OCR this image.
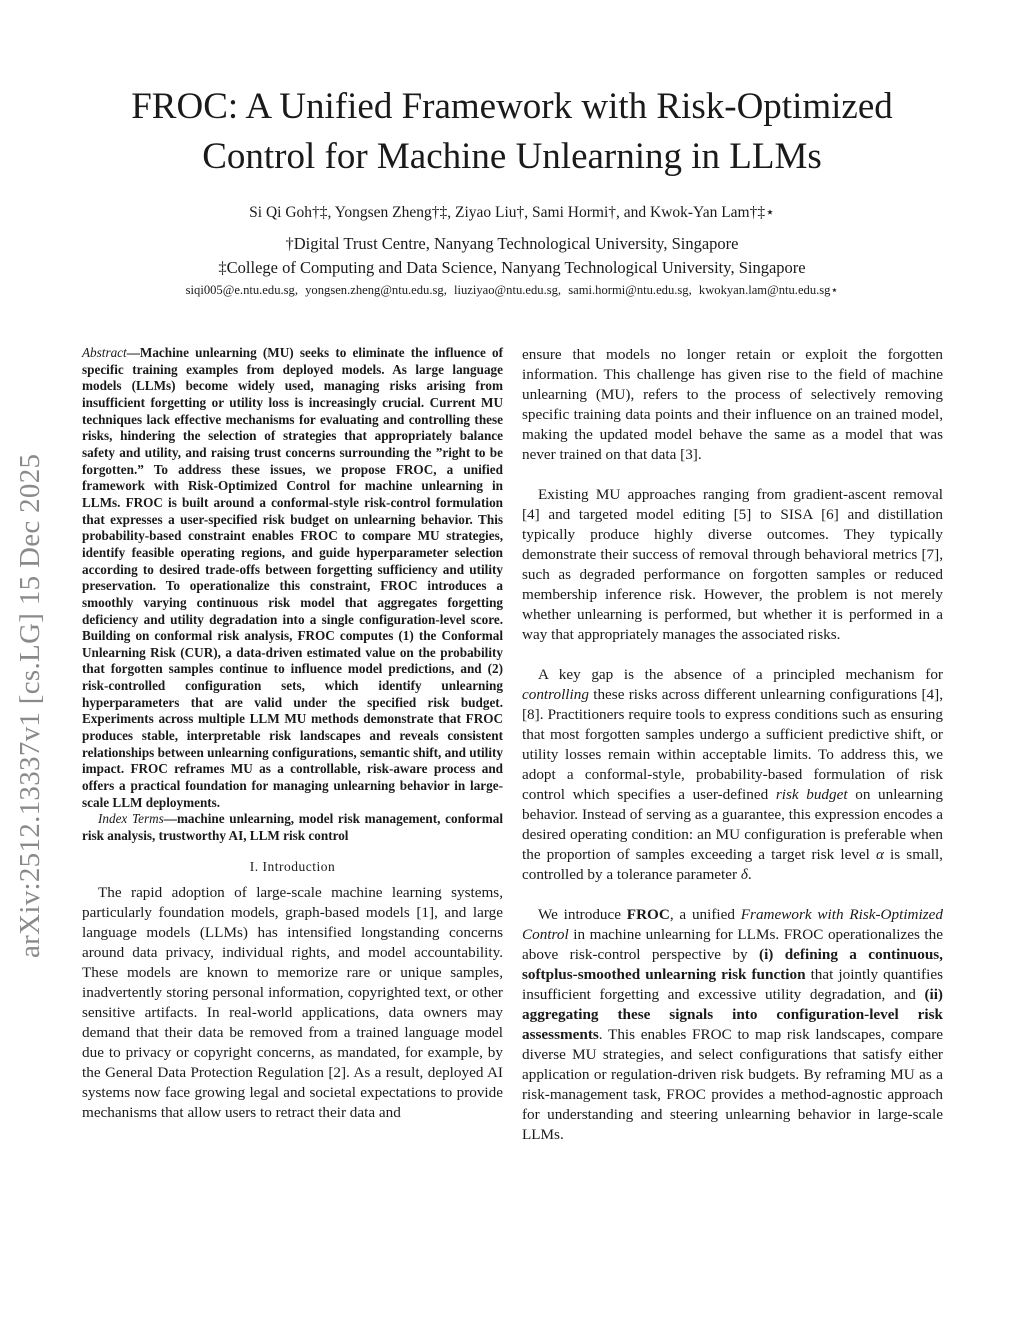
FROC: A Unified Framework with Risk-Optimized
Control for Machine Unlearning in LLMs
Si Qi Goh†‡, Yongsen Zheng†‡, Ziyao Liu†, Sami Hormi†, and Kwok-Yan Lam†‡⋆
†Digital Trust Centre, Nanyang Technological University, Singapore
‡College of Computing and Data Science, Nanyang Technological University, Singapore
siqi005@e.ntu.edu.sg, yongsen.zheng@ntu.edu.sg, liuziyao@ntu.edu.sg, sami.hormi@ntu.edu.sg, kwokyan.lam@ntu.edu.sg⋆
arXiv:2512.13337v1 [cs.LG] 15 Dec 2025
Abstract—Machine unlearning (MU) seeks to eliminate the influence of specific training examples from deployed models. As large language models (LLMs) become widely used, managing risks arising from insufficient forgetting or utility loss is increasingly crucial. Current MU techniques lack effective mechanisms for evaluating and controlling these risks, hindering the selection of strategies that appropriately balance safety and utility, and raising trust concerns surrounding the ”right to be forgotten.” To address these issues, we propose FROC, a unified framework with Risk-Optimized Control for machine unlearning in LLMs. FROC is built around a conformal-style risk-control formulation that expresses a user-specified risk budget on unlearning behavior. This probability-based constraint enables FROC to compare MU strategies, identify feasible operating regions, and guide hyperparameter selection according to desired trade-offs between forgetting sufficiency and utility preservation. To operationalize this constraint, FROC introduces a smoothly varying continuous risk model that aggregates forgetting deficiency and utility degradation into a single configuration-level score. Building on conformal risk analysis, FROC computes (1) the Conformal Unlearning Risk (CUR), a data-driven estimated value on the probability that forgotten samples continue to influence model predictions, and (2) risk-controlled configuration sets, which identify unlearning hyperparameters that are valid under the specified risk budget. Experiments across multiple LLM MU methods demonstrate that FROC produces stable, interpretable risk landscapes and reveals consistent relationships between unlearning configurations, semantic shift, and utility impact. FROC reframes MU as a controllable, risk-aware process and offers a practical foundation for managing unlearning behavior in large-scale LLM deployments.
Index Terms—machine unlearning, model risk management, conformal risk analysis, trustworthy AI, LLM risk control
I. Introduction

The rapid adoption of large-scale machine learning systems, particularly foundation models, graph-based models [1], and large language models (LLMs) has intensified longstanding concerns around data privacy, individual rights, and model accountability. These models are known to memorize rare or unique samples, inadvertently storing personal information, copyrighted text, or other sensitive artifacts. In real-world applications, data owners may demand that their data be removed from a trained language model due to privacy or copyright concerns, as mandated, for example, by the General Data Protection Regulation [2]. As a result, deployed AI systems now face growing legal and societal expectations to provide mechanisms that allow users to retract their data and

ensure that models no longer retain or exploit the forgotten information. This challenge has given rise to the field of machine unlearning (MU), refers to the process of selectively removing specific training data points and their influence on an trained model, making the updated model behave the same as a model that was never trained on that data [3].

Existing MU approaches ranging from gradient-ascent removal [4] and targeted model editing [5] to SISA [6] and distillation typically produce highly diverse outcomes. They typically demonstrate their success of removal through behavioral metrics [7], such as degraded performance on forgotten samples or reduced membership inference risk. However, the problem is not merely whether unlearning is performed, but whether it is performed in a way that appropriately manages the associated risks.

A key gap is the absence of a principled mechanism for controlling these risks across different unlearning configurations [4], [8]. Practitioners require tools to express conditions such as ensuring that most forgotten samples undergo a sufficient predictive shift, or utility losses remain within acceptable limits. To address this, we adopt a conformal-style, probability-based formulation of risk control which specifies a user-defined risk budget on unlearning behavior. Instead of serving as a guarantee, this expression encodes a desired operating condition: an MU configuration is preferable when the proportion of samples exceeding a target risk level α is small, controlled by a tolerance parameter δ.

We introduce FROC, a unified Framework with Risk-Optimized Control in machine unlearning for LLMs. FROC operationalizes the above risk-control perspective by (i) defining a continuous, softplus-smoothed unlearning risk function that jointly quantifies insufficient forgetting and excessive utility degradation, and (ii) aggregating these signals into configuration-level risk assessments. This enables FROC to map risk landscapes, compare diverse MU strategies, and select configurations that satisfy either application or regulation-driven risk budgets. By reframing MU as a risk-management task, FROC provides a method-agnostic approach for understanding and steering unlearning behavior in large-scale LLMs.
